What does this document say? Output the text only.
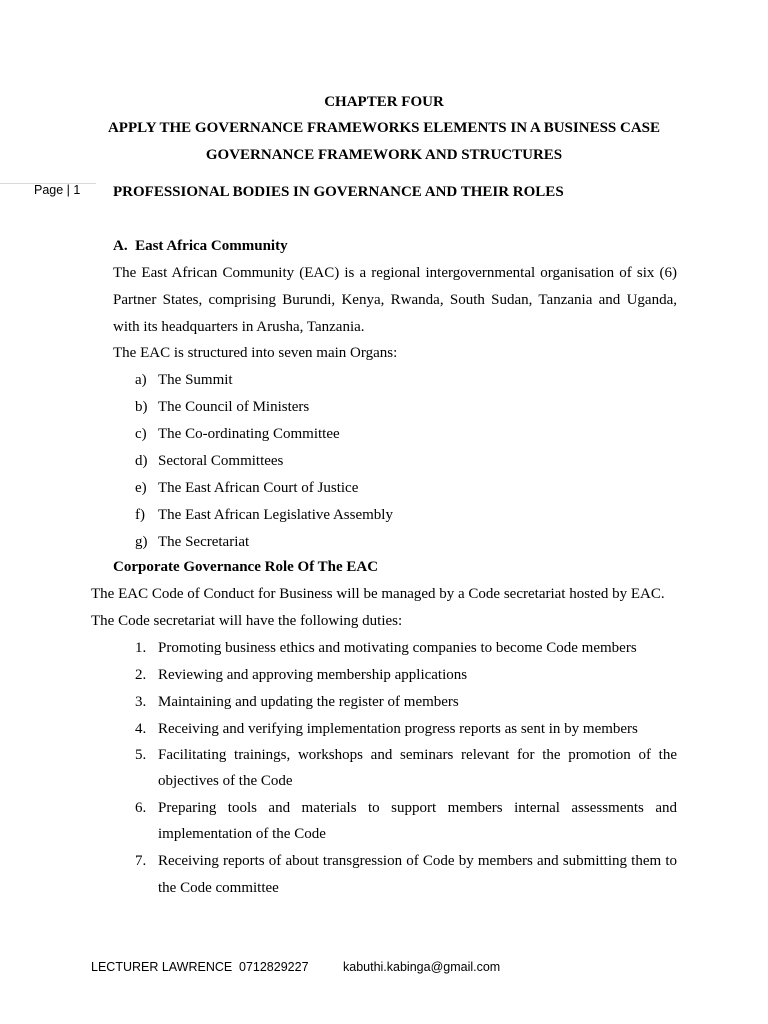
CHAPTER FOUR
APPLY THE GOVERNANCE FRAMEWORKS ELEMENTS IN A BUSINESS CASE
GOVERNANCE FRAMEWORK AND STRUCTURES
Page | 1 PROFESSIONAL BODIES IN GOVERNANCE AND THEIR ROLES
A.  East Africa Community
The East African Community (EAC) is a regional intergovernmental organisation of six (6)
Partner States, comprising Burundi, Kenya, Rwanda, South Sudan, Tanzania and Uganda,
with its headquarters in Arusha, Tanzania.
The EAC is structured into seven main Organs:
a) The Summit
b) The Council of Ministers
c) The Co-ordinating Committee
d) Sectoral Committees
e) The East African Court of Justice
f) The East African Legislative Assembly
g) The Secretariat
Corporate Governance Role Of The EAC
The EAC Code of Conduct for Business will be managed by a Code secretariat hosted by EAC.
The Code secretariat will have the following duties:
1. Promoting business ethics and motivating companies to become Code members
2. Reviewing and approving membership applications
3. Maintaining and updating the register of members
4. Receiving and verifying implementation progress reports as sent in by members
5. Facilitating trainings, workshops and seminars relevant for the promotion of the
objectives of the Code
6. Preparing tools and materials to support members internal assessments and
implementation of the Code
7. Receiving reports of about transgression of Code by members and submitting them to
the Code committee
LECTURER LAWRENCE 0712829227	kabuthi.kabinga@gmail.com
